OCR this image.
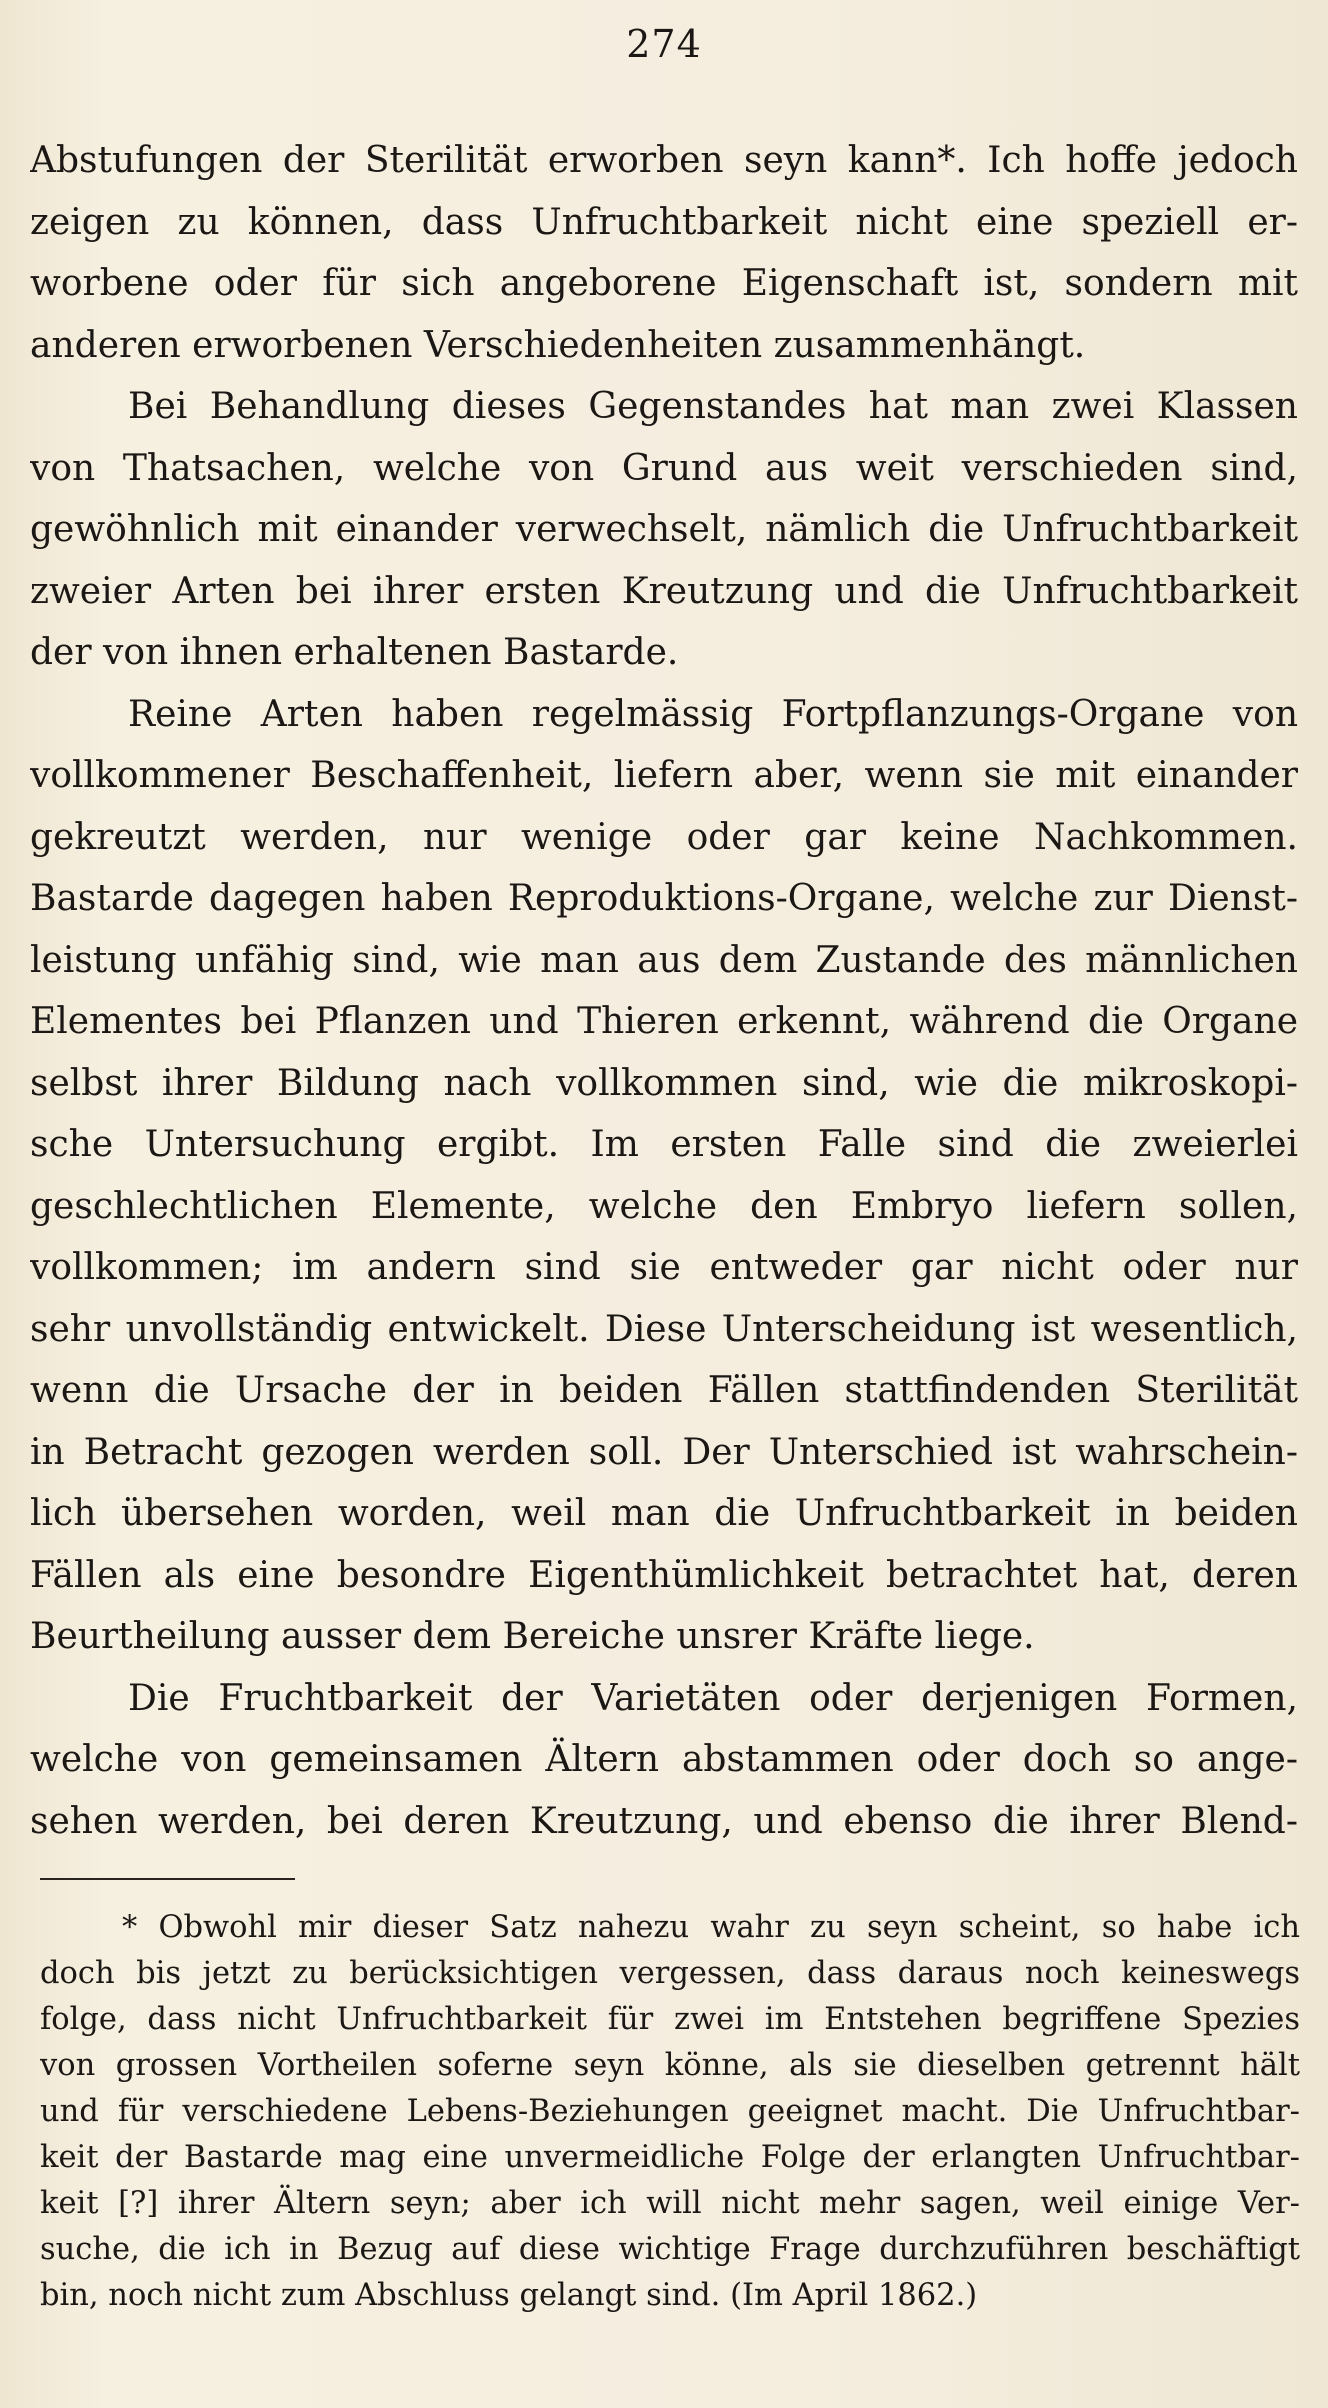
274
Abstufungen der Sterilität erworben seyn kann*. Ich hoffe jedoch
zeigen zu können, dass Unfruchtbarkeit nicht eine speziell er-
worbene oder für sich angeborene Eigenschaft ist, sondern mit
anderen erworbenen Verschiedenheiten zusammenhängt.
Bei Behandlung dieses Gegenstandes hat man zwei Klassen
von Thatsachen, welche von Grund aus weit verschieden sind,
gewöhnlich mit einander verwechselt, nämlich die Unfruchtbarkeit
zweier Arten bei ihrer ersten Kreutzung und die Unfruchtbarkeit
der von ihnen erhaltenen Bastarde.
Reine Arten haben regelmässig Fortpflanzungs-Organe von
vollkommener Beschaffenheit, liefern aber, wenn sie mit einander
gekreutzt werden, nur wenige oder gar keine Nachkommen.
Bastarde dagegen haben Reproduktions-Organe, welche zur Dienst-
leistung unfähig sind, wie man aus dem Zustande des männlichen
Elementes bei Pflanzen und Thieren erkennt, während die Organe
selbst ihrer Bildung nach vollkommen sind, wie die mikroskopi-
sche Untersuchung ergibt. Im ersten Falle sind die zweierlei
geschlechtlichen Elemente, welche den Embryo liefern sollen,
vollkommen; im andern sind sie entweder gar nicht oder nur
sehr unvollständig entwickelt. Diese Unterscheidung ist wesentlich,
wenn die Ursache der in beiden Fällen stattfindenden Sterilität
in Betracht gezogen werden soll. Der Unterschied ist wahrschein-
lich übersehen worden, weil man die Unfruchtbarkeit in beiden
Fällen als eine besondre Eigenthümlichkeit betrachtet hat, deren
Beurtheilung ausser dem Bereiche unsrer Kräfte liege.
Die Fruchtbarkeit der Varietäten oder derjenigen Formen,
welche von gemeinsamen Ältern abstammen oder doch so ange-
sehen werden, bei deren Kreutzung, und ebenso die ihrer Blend-
* Obwohl mir dieser Satz nahezu wahr zu seyn scheint, so habe ich
doch bis jetzt zu berücksichtigen vergessen, dass daraus noch keineswegs
folge, dass nicht Unfruchtbarkeit für zwei im Entstehen begriffene Spezies
von grossen Vortheilen soferne seyn könne, als sie dieselben getrennt hält
und für verschiedene Lebens-Beziehungen geeignet macht. Die Unfruchtbar-
keit der Bastarde mag eine unvermeidliche Folge der erlangten Unfruchtbar-
keit [?] ihrer Ältern seyn; aber ich will nicht mehr sagen, weil einige Ver-
suche, die ich in Bezug auf diese wichtige Frage durchzuführen beschäftigt
bin, noch nicht zum Abschluss gelangt sind. (Im April 1862.)
